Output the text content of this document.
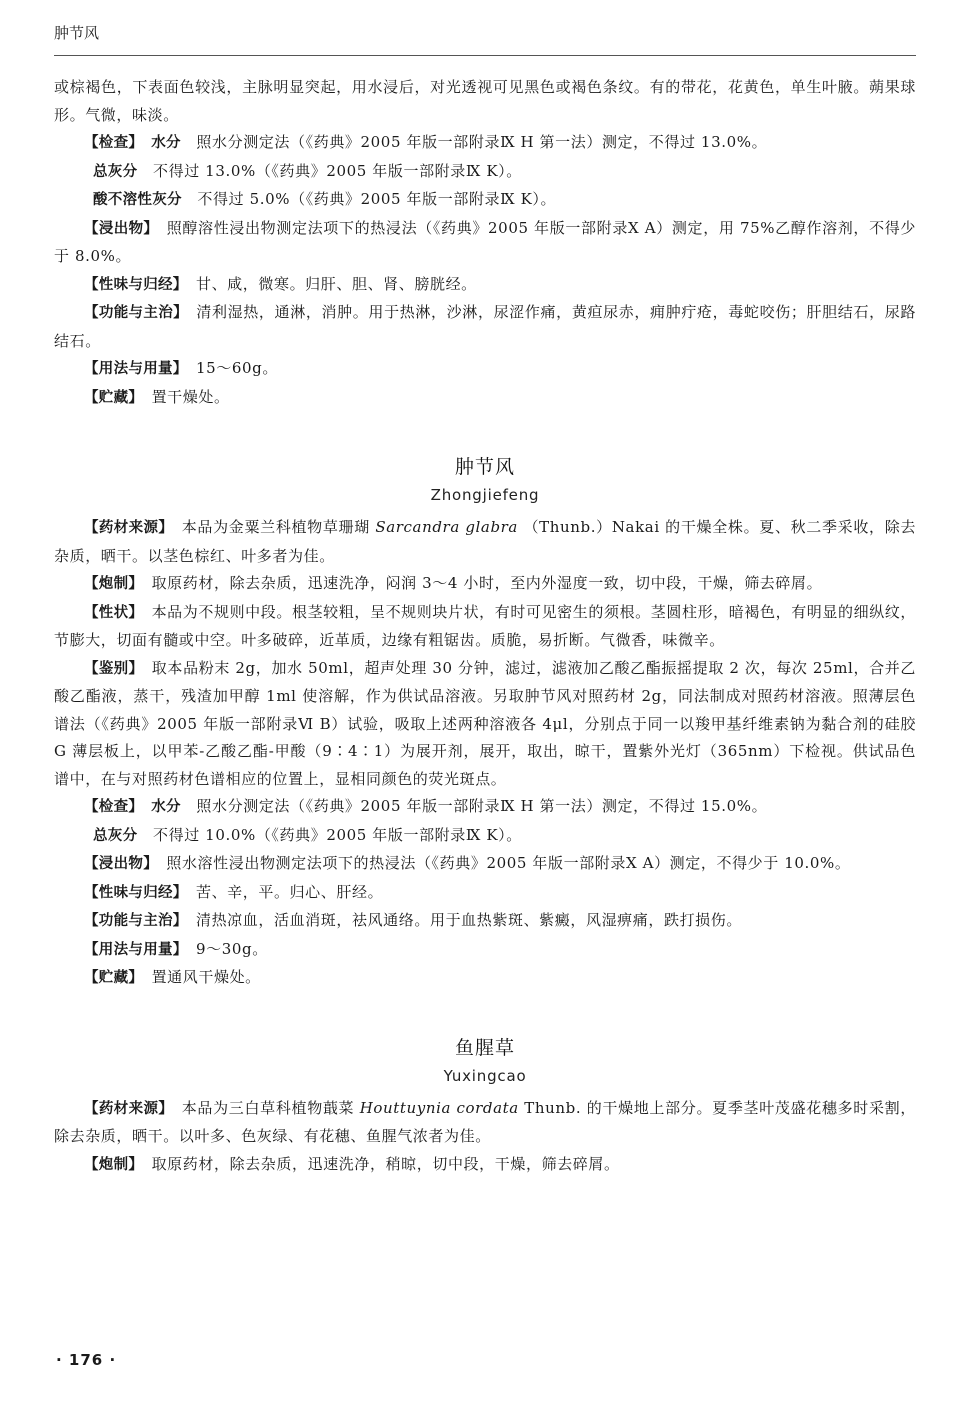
肿节风

或棕褐色，下表面色较浅，主脉明显突起，用水浸后，对光透视可见黑色或褐色条纹。有的带花，花黄色，单生叶腋。蒴果球形。气微，味淡。

【检查】 水分　 照水分测定法（《药典》2005 年版一部附录Ⅸ H 第一法）测定，不得过 13.0%。

总灰分　 不得过 13.0%（《药典》2005 年版一部附录Ⅸ K）。

酸不溶性灰分　 不得过 5.0%（《药典》2005 年版一部附录Ⅸ K）。

【浸出物】　 照醇溶性浸出物测定法项下的热浸法（《药典》2005 年版一部附录Ⅹ A）测定，用 75%乙醇作溶剂，不得少于 8.0%。

【性味与归经】　 甘、咸，微寒。归肝、胆、肾、膀胱经。

【功能与主治】　 清利湿热，通淋，消肿。用于热淋，沙淋，尿涩作痛，黄疸尿赤，痈肿疔疮，毒蛇咬伤；肝胆结石，尿路结石。

【用法与用量】　 15～60g。

【贮藏】　 置干燥处。

肿节风
Zhongjiefeng

【药材来源】　 本品为金粟兰科植物草珊瑚 Sarcandra glabra （Thunb.）Nakai 的干燥全株。夏、秋二季采收，除去杂质，晒干。以茎色棕红、叶多者为佳。

【炮制】　 取原药材，除去杂质，迅速洗净，闷润 3～4 小时，至内外湿度一致，切中段，干燥，筛去碎屑。

【性状】　 本品为不规则中段。根茎较粗，呈不规则块片状，有时可见密生的须根。茎圆柱形，暗褐色，有明显的细纵纹，节膨大，切面有髓或中空。叶多破碎，近革质，边缘有粗锯齿。质脆，易折断。气微香，味微辛。

【鉴别】　 取本品粉末 2g，加水 50ml，超声处理 30 分钟，滤过，滤液加乙酸乙酯振摇提取 2 次，每次 25ml，合并乙酸乙酯液，蒸干，残渣加甲醇 1ml 使溶解，作为供试品溶液。另取肿节风对照药材 2g，同法制成对照药材溶液。照薄层色谱法（《药典》2005 年版一部附录Ⅵ B）试验，吸取上述两种溶液各 4μl，分别点于同一以羧甲基纤维素钠为黏合剂的硅胶 G 薄层板上，以甲苯-乙酸乙酯-甲酸（9∶4∶1）为展开剂，展开，取出，晾干，置紫外光灯（365nm）下检视。供试品色谱中，在与对照药材色谱相应的位置上，显相同颜色的荧光斑点。

【检查】 水分　 照水分测定法（《药典》2005 年版一部附录Ⅸ H 第一法）测定，不得过 15.0%。

总灰分　 不得过 10.0%（《药典》2005 年版一部附录Ⅸ K）。

【浸出物】　 照水溶性浸出物测定法项下的热浸法（《药典》2005 年版一部附录Ⅹ A）测定，不得少于 10.0%。

【性味与归经】　 苦、辛，平。归心、肝经。

【功能与主治】　 清热凉血，活血消斑，祛风通络。用于血热紫斑、紫癜，风湿痹痛，跌打损伤。

【用法与用量】　 9～30g。

【贮藏】　 置通风干燥处。

鱼腥草
Yuxingcao

【药材来源】　 本品为三白草科植物蕺菜 Houttuynia cordata Thunb. 的干燥地上部分。夏季茎叶茂盛花穗多时采割，除去杂质，晒干。以叶多、色灰绿、有花穗、鱼腥气浓者为佳。

【炮制】　 取原药材，除去杂质，迅速洗净，稍晾，切中段，干燥，筛去碎屑。

· 176 ·
